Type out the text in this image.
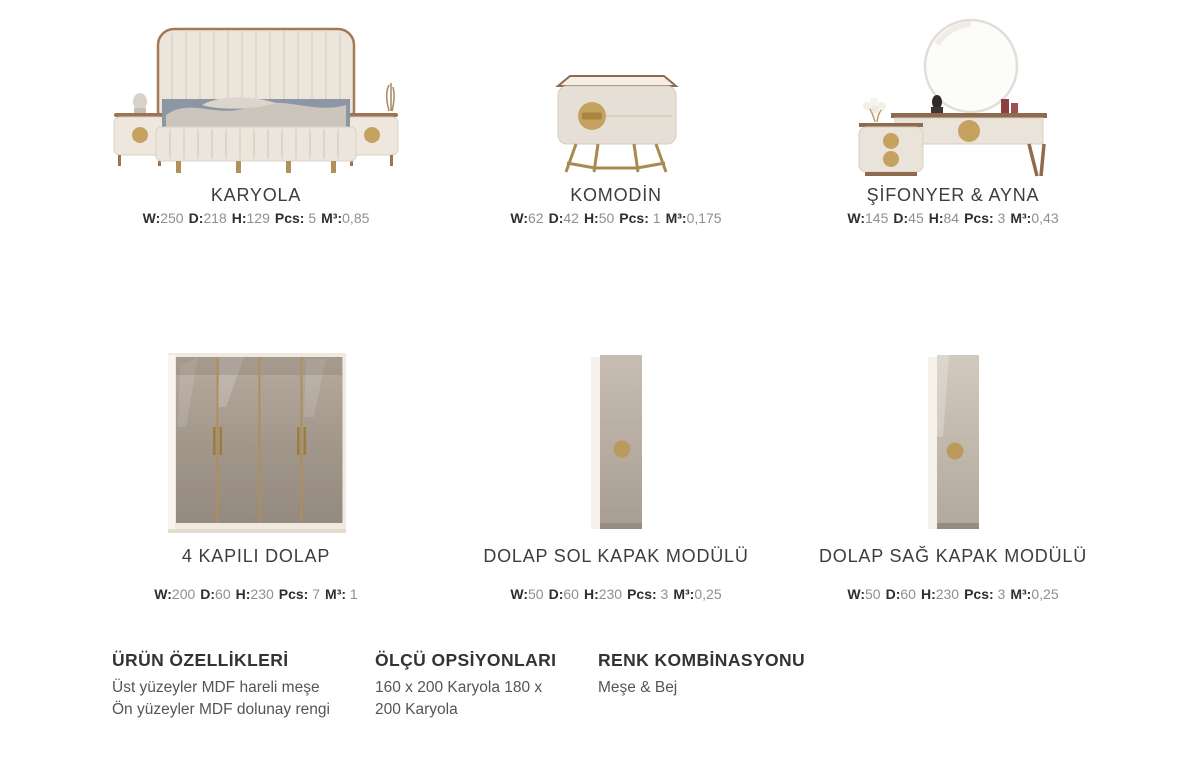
KARYOLA
W:250 D:218 H:129 Pcs: 5 M³:0,85
KOMODİN
W:62 D:42 H:50 Pcs: 1 M³:0,175
ŞİFONYER & AYNA
W:145 D:45 H:84 Pcs: 3 M³:0,43
4 KAPILI DOLAP
W:200 D:60 H:230 Pcs: 7 M³: 1
DOLAP SOL KAPAK MODÜLÜ
W:50 D:60 H:230 Pcs: 3 M³:0,25
DOLAP SAĞ KAPAK MODÜLÜ
W:50 D:60 H:230 Pcs: 3 M³:0,25
ÜRÜN ÖZELLİKLERİ
Üst yüzeyler MDF hareli meşe
Ön yüzeyler MDF dolunay rengi
ÖLÇÜ OPSİYONLARI
160 x 200 Karyola 180 x
200 Karyola
RENK KOMBİNASYONU
Meşe & Bej
